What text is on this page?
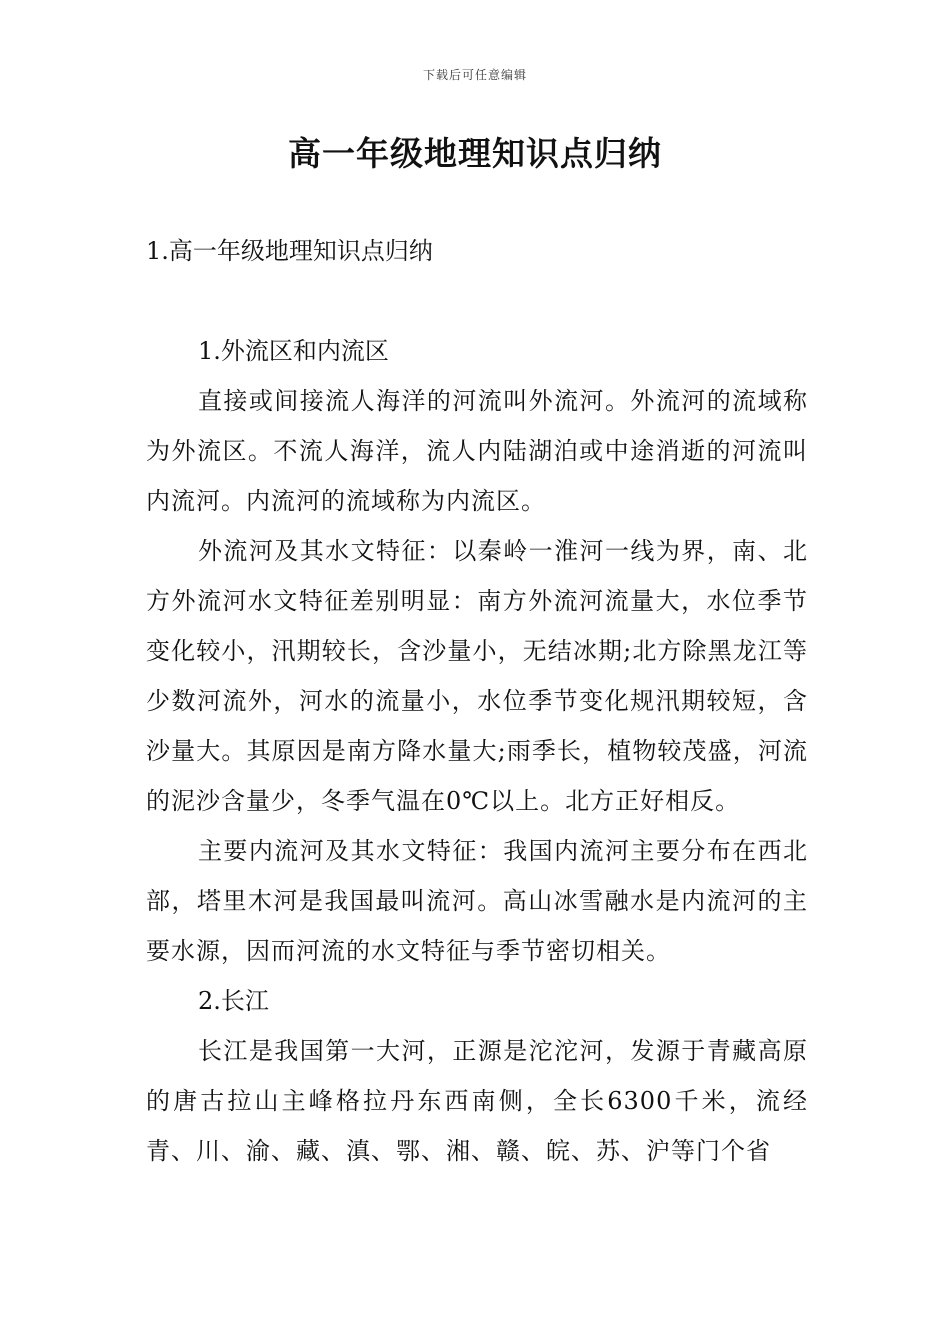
下载后可任意编辑
高一年级地理知识点归纳

1.高一年级地理知识点归纳

1.外流区和内流区

直接或间接流人海洋的河流叫外流河。外流河的流域称为外流区。不流人海洋，流人内陆湖泊或中途消逝的河流叫内流河。内流河的流域称为内流区。

外流河及其水文特征：以秦岭一淮河一线为界，南、北方外流河水文特征差别明显：南方外流河流量大，水位季节变化较小，汛期较长，含沙量小，无结冰期;北方除黑龙江等少数河流外，河水的流量小，水位季节变化规汛期较短，含沙量大。其原因是南方降水量大;雨季长，植物较茂盛，河流的泥沙含量少，冬季气温在0℃以上。北方正好相反。

主要内流河及其水文特征：我国内流河主要分布在西北部，塔里木河是我国最叫流河。高山冰雪融水是内流河的主要水源，因而河流的水文特征与季节密切相关。

2.长江

长江是我国第一大河，正源是沱沱河，发源于青藏高原的唐古拉山主峰格拉丹东西南侧，全长6300千米，流经青、川、渝、藏、滇、鄂、湘、赣、皖、苏、沪等门个省
